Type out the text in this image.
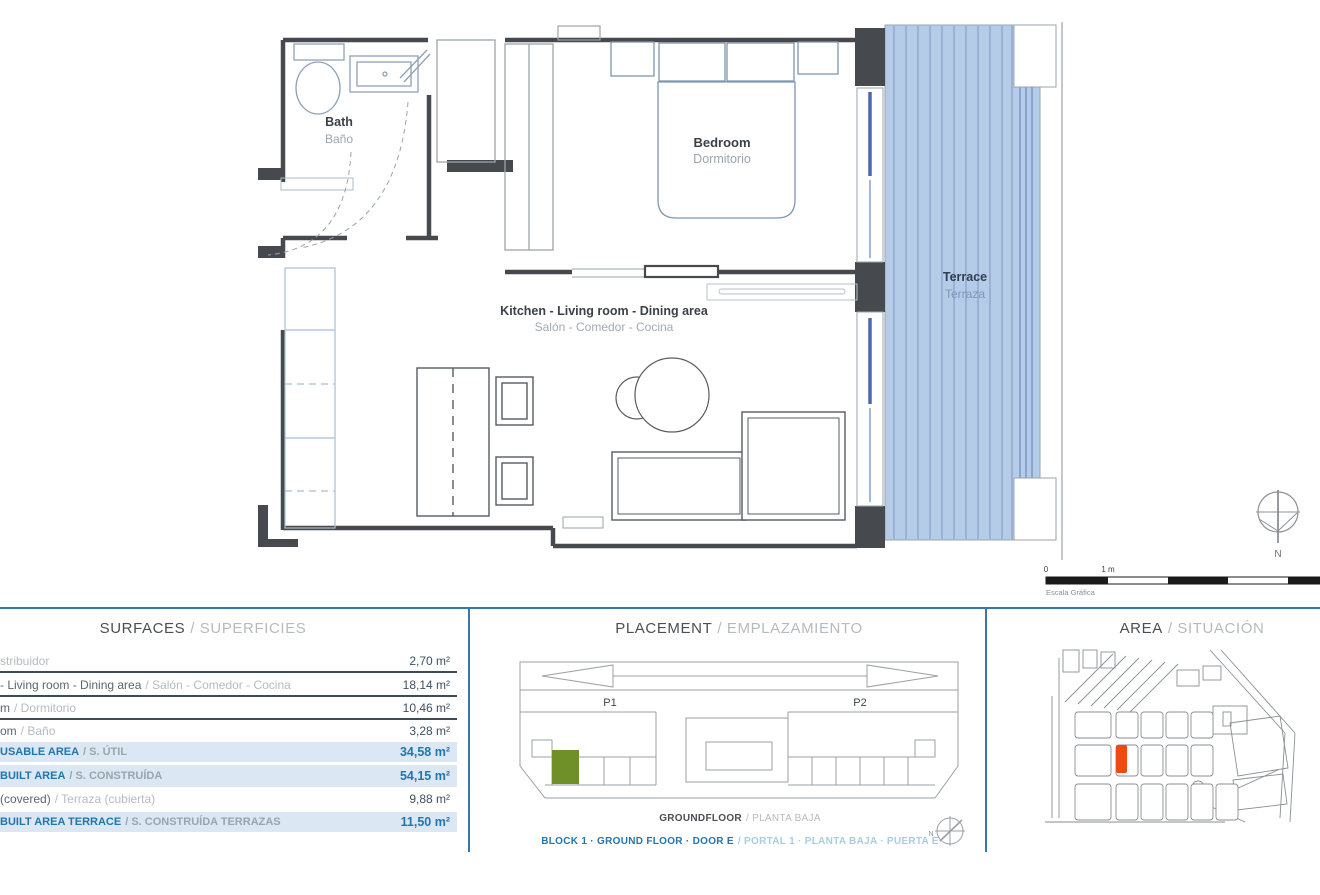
Bath
Baño	Bedroom
Dormitorio
Kitchen - Living room - Dining area
Salón - Comedor - Cocina
Terrace
Terraza
N
0	1 m
Escala Gráfica
SURFACES / SUPERFICIES
stribuidor	2,70 m²
- Living room - Dining area / Salón - Comedor - Cocina	18,14 m²
m / Dormitorio	10,46 m²
om / Baño	3,28 m²
USABLE AREA / S. ÚTIL	34,58 m²
BUILT AREA / S. CONSTRUÍDA	54,15 m²
(covered) / Terraza (cubierta)	9,88 m²
BUILT AREA TERRACE / S. CONSTRUÍDA TERRAZAS	11,50 m²
PLACEMENT / EMPLAZAMIENTO
P1	P2
N
GROUNDFLOOR / PLANTA BAJA
BLOCK 1 · GROUND FLOOR · DOOR E / PORTAL 1 · PLANTA BAJA · PUERTA E
AREA / SITUACIÓN
